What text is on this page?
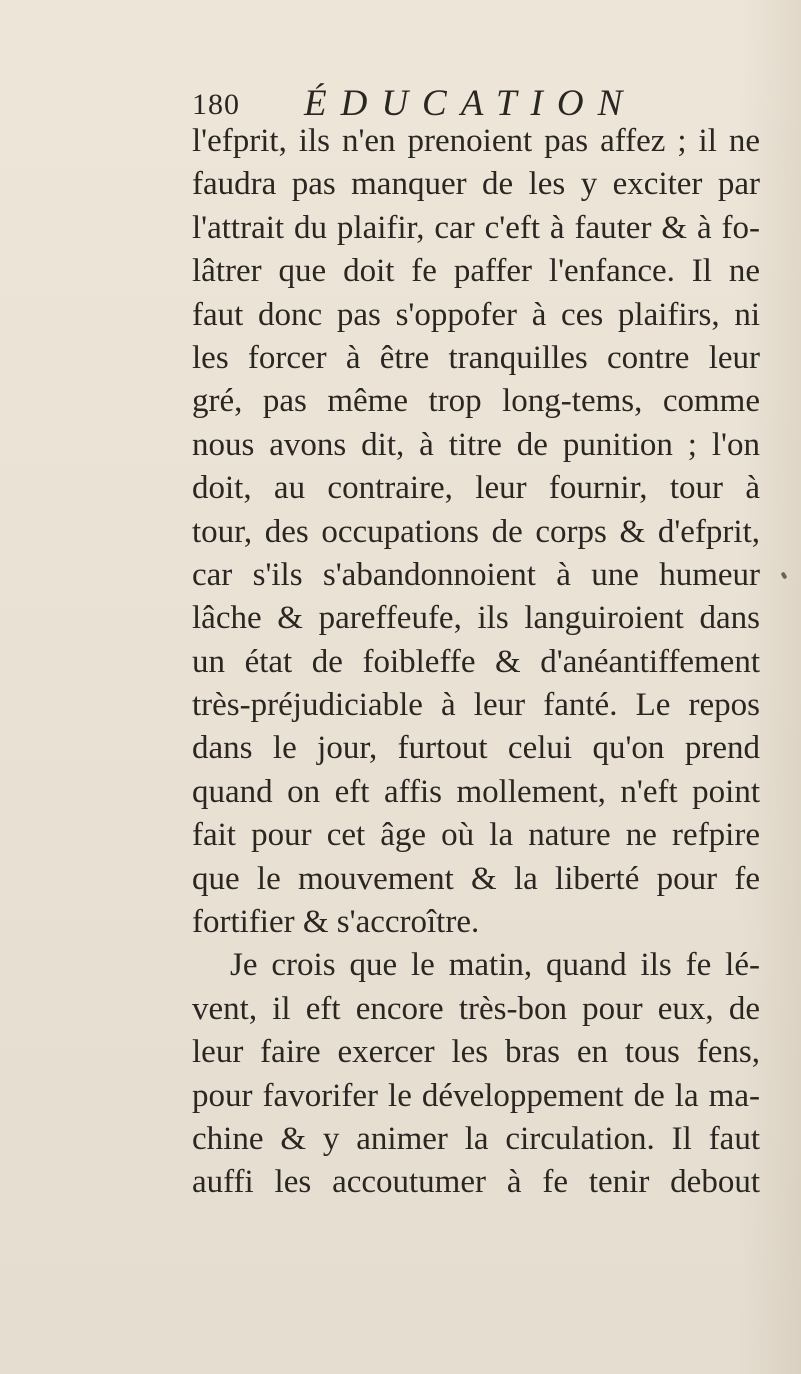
180 ÉDUCATION
l'efprit, ils n'en prenoient pas affez ; il ne
faudra pas manquer de les y exciter par
l'attrait du plaifir, car c'eft à fauter & à fo-
lâtrer que doit fe paffer l'enfance. Il ne
faut donc pas s'oppofer à ces plaifirs, ni
les forcer à être tranquilles contre leur
gré, pas même trop long-tems, comme
nous avons dit, à titre de punition ; l'on
doit, au contraire, leur fournir, tour à
tour, des occupations de corps & d'efprit,
car s'ils s'abandonnoient à une humeur
lâche & pareffeufe, ils languiroient dans
un état de foibleffe & d'anéantiffement
très-préjudiciable à leur fanté. Le repos
dans le jour, furtout celui qu'on prend
quand on eft affis mollement, n'eft point
fait pour cet âge où la nature ne refpire
que le mouvement & la liberté pour fe
fortifier & s'accroître.
Je crois que le matin, quand ils fe lé-
vent, il eft encore très-bon pour eux, de
leur faire exercer les bras en tous fens,
pour favorifer le développement de la ma-
chine & y animer la circulation. Il faut
auffi les accoutumer à fe tenir debout
